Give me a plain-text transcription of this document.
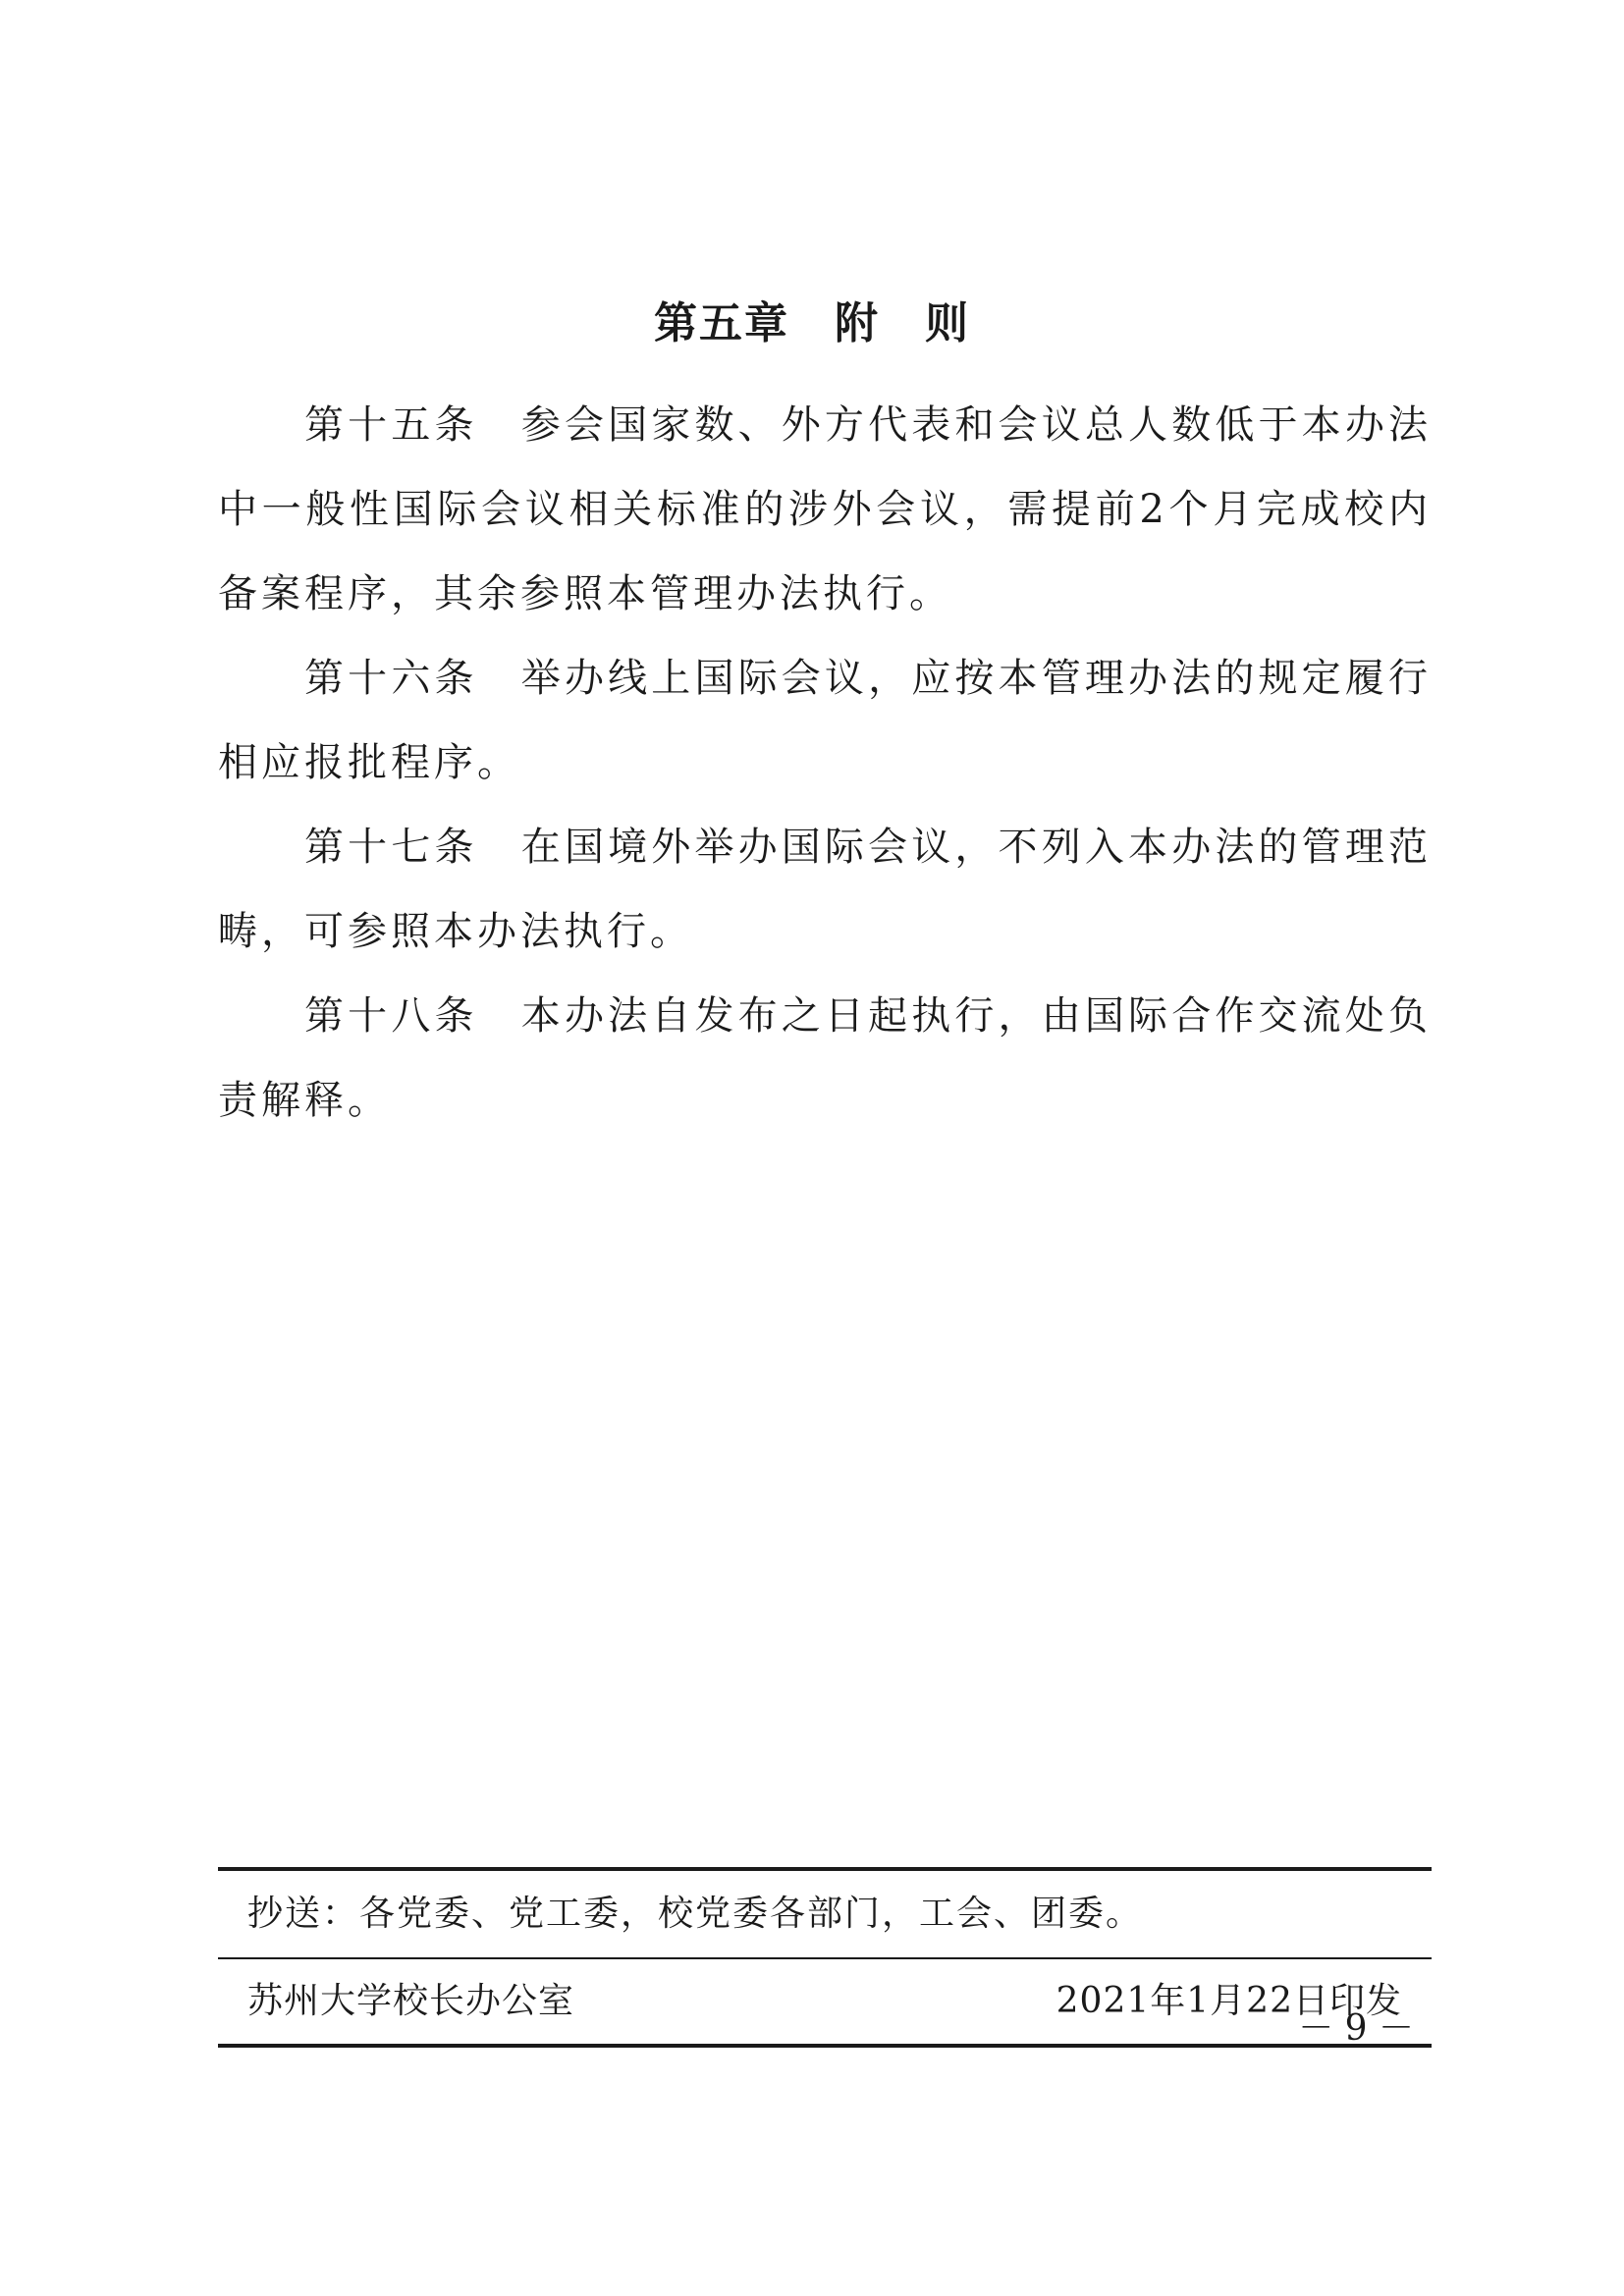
第五章　附　则

第十五条　参会国家数、外方代表和会议总人数低于本办法中一般性国际会议相关标准的涉外会议，需提前2个月完成校内备案程序，其余参照本管理办法执行。

第十六条　举办线上国际会议，应按本管理办法的规定履行相应报批程序。

第十七条　在国境外举办国际会议，不列入本办法的管理范畴，可参照本办法执行。

第十八条　本办法自发布之日起执行，由国际合作交流处负责解释。

抄送：各党委、党工委，校党委各部门，工会、团委。
苏州大学校长办公室	2021年1月22日印发
－ 9 －
